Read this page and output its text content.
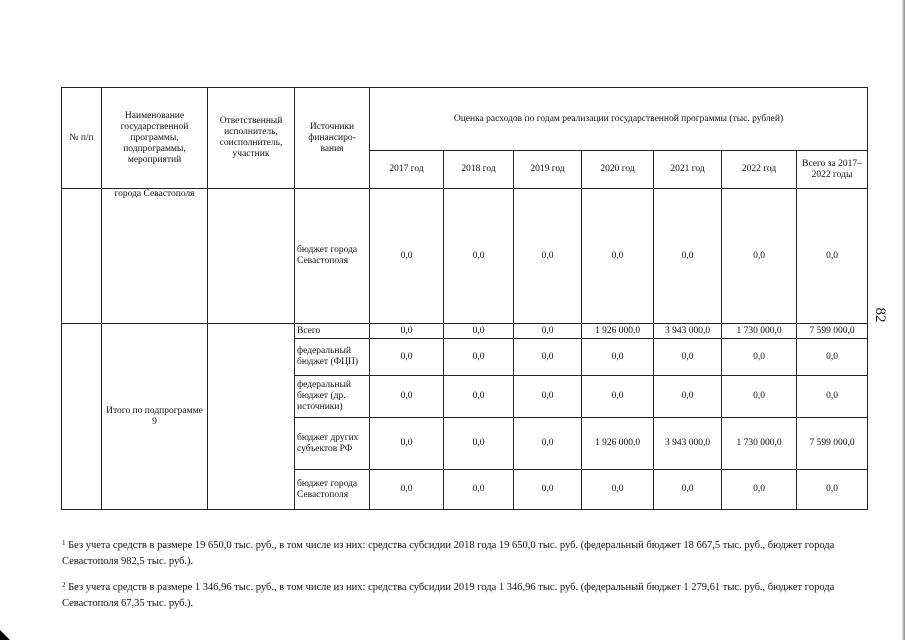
№ п/п	Наименование государственной программы, подпрограммы, мероприятий	Ответственный исполнитель, соисполнитель, участник	Источники финансиро-вания	Оценка расходов по годам реализации государственной программы (тыс. рублей)						
				2017 год	2018 год	2019 год	2020 год	2021 год	2022 год	Всего за 2017–2022 годы
	города Севастополя		бюджет города Севастополя	0,0	0,0	0,0	0,0	0,0	0,0	0,0
	Итого по подпрограмме 9		Всего	0,0	0,0	0,0	1 926 000,0	3 943 000,0	1 730 000,0	7 599 000,0
			федеральный бюджет (ФЦП)	0,0	0,0	0,0	0,0	0,0	0,0	0,0
			федеральный бюджет (др. источники)	0,0	0,0	0,0	0,0	0,0	0,0	0,0
			бюджет других субъектов РФ	0,0	0,0	0,0	1 926 000,0	3 943 000,0	1 730 000,0	7 599 000,0
			бюджет города Севастополя	0,0	0,0	0,0	0,0	0,0	0,0	0,0
82
$^1$ Без учета средств в размере 19 650,0 тыс. руб., в том числе из них: средства субсидии 2018 года 19 650,0 тыс. руб. (федеральный бюджет 18 667,5 тыс. руб., бюджет города Севастополя 982,5 тыс. руб.).
$^2$ Без учета средств в размере 1 346,96 тыс. руб., в том числе из них: средства субсидии 2019 года 1 346,96 тыс. руб. (федеральный бюджет 1 279,61 тыс. руб., бюджет города Севастополя 67,35 тыс. руб.).
